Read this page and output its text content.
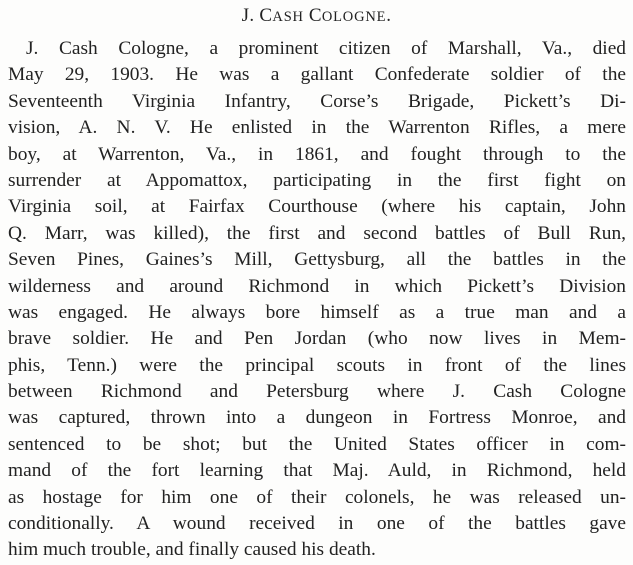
J. CASH COLOGNE.
J. Cash Cologne, a prominent citizen of Marshall, Va., died
May 29, 1903. He was a gallant Confederate soldier of the
Seventeenth Virginia Infantry, Corse’s Brigade, Pickett’s Di-
vision, A. N. V. He enlisted in the Warrenton Rifles, a mere
boy, at Warrenton, Va., in 1861, and fought through to the
surrender at Appomattox, participating in the first fight on
Virginia soil, at Fairfax Courthouse (where his captain, John
Q. Marr, was killed), the first and second battles of Bull Run,
Seven Pines, Gaines’s Mill, Gettysburg, all the battles in the
wilderness and around Richmond in which Pickett’s Division
was engaged. He always bore himself as a true man and a
brave soldier. He and Pen Jordan (who now lives in Mem-
phis, Tenn.) were the principal scouts in front of the lines
between Richmond and Petersburg where J. Cash Cologne
was captured, thrown into a dungeon in Fortress Monroe, and
sentenced to be shot; but the United States officer in com-
mand of the fort learning that Maj. Auld, in Richmond, held
as hostage for him one of their colonels, he was released un-
conditionally. A wound received in one of the battles gave
him much trouble, and finally caused his death.
